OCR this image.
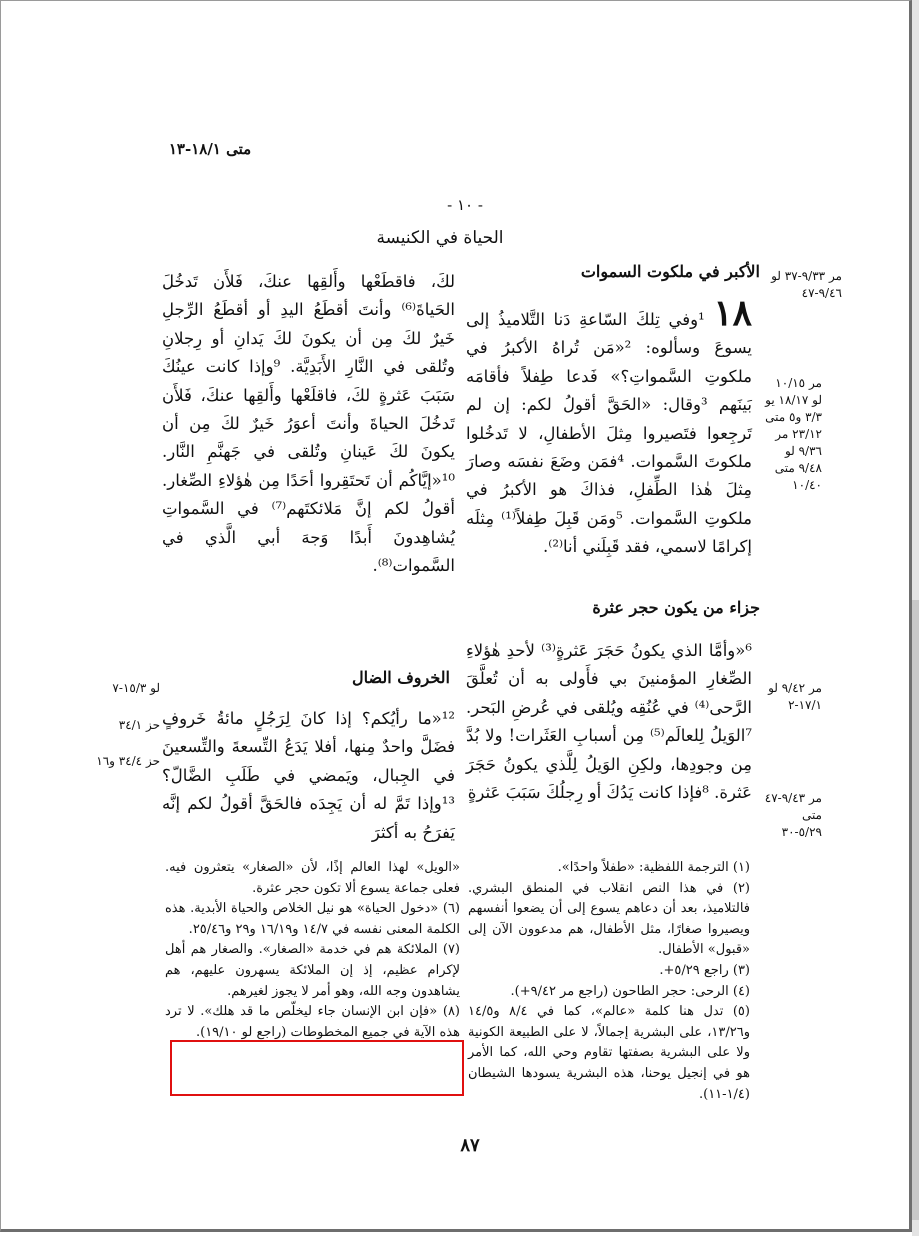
متى ١٨/١-١٣
- ١٠ -
الحياة في الكنيسة
الأكبر في ملكوت السموات

١٨ ¹وفي تِلكَ السّاعةِ دَنا التَّلاميذُ إلى يسوعَ وسألوه: ²«مَن تُراهُ الأكبرُ في ملكوتِ السَّمواتِ؟» فَدعا طِفلاً فأقامَه بَينَهم ³وقال: «الحَقَّ أقولُ لكم: إن لم تَرجِعوا فتَصيروا مِثلَ الأطفالِ، لا تَدخُلوا ملكوتَ السَّموات. ⁴فمَن وضَعَ نفسَه وصارَ مِثلَ هٰذا الطِّفلِ، فذاكَ هو الأكبرُ في ملكوتِ السَّموات. ⁵ومَن قَبِلَ طِفلاً⁽¹⁾ مِثلَه إكرامًا لاسمي، فقد قَبِلَني أنا⁽²⁾.

جزاء من يكون حجر عثرة

⁶«وأمَّا الذي يكونُ حَجَرَ عَثرةٍ⁽³⁾ لأحدِ هٰؤلاءِ الصِّغارِ المؤمنينَ بي فأَولى به أن تُعلَّقَ الرَّحى⁽⁴⁾ في عُنُقِه ويُلقى في عُرضِ البَحر. ⁷الوَيلُ لِلعالَم⁽⁵⁾ مِن أسبابِ العَثَرات! ولا بُدَّ مِن وجودِها، ولكِنِ الوَيلُ لِلَّذي يكونُ حَجَرَ عَثرة. ⁸فإذا كانت يَدُكَ أو رِجلُكَ سَبَبَ عَثرةٍ

مر ٩/٣٣-٣٧ لو ٩/٤٦-٤٧
مر ١٠/١٥ لو ١٨/١٧ يو ٣/٣ و٥ متى ٢٣/١٢ مر ٩/٣٦ لو ٩/٤٨ متى ١٠/٤٠
مر ٩/٤٢ لو ١٧/١-٢
مر ٩/٤٣-٤٧ متى ٥/٢٩-٣٠

لكَ، فاقطَعْها وأَلقِها عنكَ، فَلأَن تَدخُلَ الحَياةَ⁽⁶⁾ وأنتَ أقطَعُ اليدِ أو أقطَعُ الرِّجلِ خَيرٌ لكَ مِن أن يكونَ لكَ يَدانِ أو رِجلانِ وتُلقى في النَّارِ الأَبَدِيَّة. ⁹وإذا كانت عينُكَ سَبَبَ عَثرةٍ لكَ، فاقلَعْها وأَلقِها عنكَ، فَلأَن تَدخُلَ الحياةَ وأنتَ أعوَرُ خَيرٌ لكَ مِن أن يكونَ لكَ عَينانِ وتُلقى في جَهنَّمِ النَّار. ¹⁰«إيَّاكُم أن تَحتَقِروا أحَدًا مِن هٰؤلاءِ الصِّغار. أقولُ لكم إنَّ مَلائكتَهم⁽⁷⁾ في السَّمواتِ يُشاهِدونَ أَبدًا وَجهَ أبي الَّذي في السَّموات⁽⁸⁾.

الخروف الضال

¹²«ما رأيُكم؟ إذا كانَ لِرَجُلٍ مائةُ خَروفٍ فضَلَّ واحدٌ مِنها، أفلا يَدَعُ التِّسعةَ والتِّسعينَ في الجِبال، ويَمضي في طَلَبِ الضَّالّ؟ ¹³وإذا تَمَّ له أن يَجِدَه فالحَقَّ أقولُ لكم إنَّه يَفرَحُ به أكثرَ

لو ١٥/٣-٧
حز ٣٤/١
حز ٣٤/٤ و١٦

(١) الترجمة اللفظية: «طفلاً واحدًا».

(٢) في هذا النص انقلاب في المنطق البشري. فالتلاميذ، بعد أن دعاهم يسوع إلى أن يضعوا أنفسهم ويصيروا صغارًا، مثل الأطفال، هم مدعوون الآن إلى «قبول» الأطفال.

(٣) راجع ٥/٢٩+.

(٤) الرحى: حجر الطاحون (راجع مر ٩/٤٢+).

(٥) تدل هنا كلمة «عالم»، كما في ٨/٤ و١٤/٥ و١٣/٢٦، على البشرية إجمالاً، لا على الطبيعة الكونية ولا على البشرية بصفتها تقاوم وحي الله، كما الأمر هو في إنجيل يوحنا، هذه البشرية يسودها الشيطان (١/٤-١١).

«الويل» لهذا العالم إذًا، لأن «الصغار» يتعثرون فيه. فعلى جماعة يسوع ألا تكون حجر عثرة.

(٦) «دخول الحياة» هو نيل الخلاص والحياة الأبدية. هذه الكلمة المعنى نفسه في ١٤/٧ و١٦/١٩ و٢٩ و٢٥/٤٦.

(٧) الملائكة هم في خدمة «الصغار». والصغار هم أهل لإكرام عظيم، إذ إن الملائكة يسهرون عليهم، هم يشاهدون وجه الله، وهو أمر لا يجوز لغيرهم.

(٨) «فإن ابن الإنسان جاء ليخلّص ما قد هلك». لا ترد هذه الآية في جميع المخطوطات (راجع لو ١٩/١٠).

٨٧
